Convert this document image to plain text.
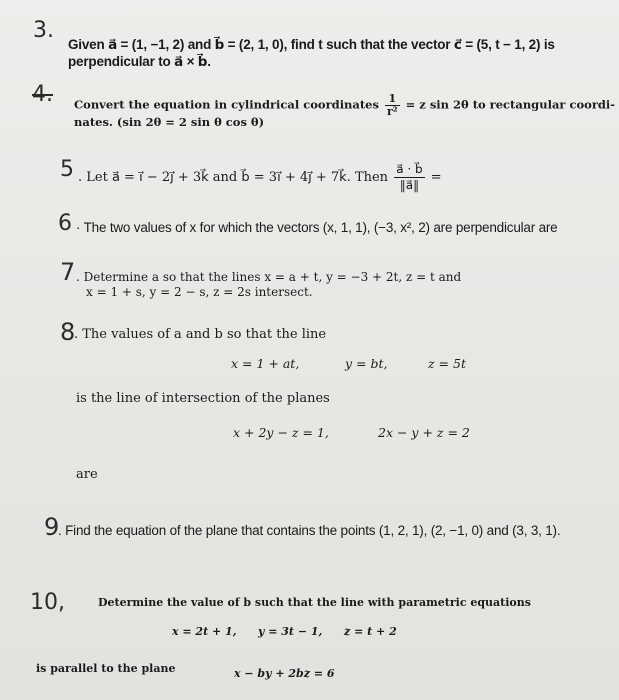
3.
Given a⃗ = (1, −1, 2) and b⃗ = (2, 1, 0), find t such that the vector c⃗ = (5, t − 1, 2) is
perpendicular to a⃗ × b⃗.
4. Convert the equation in cylindrical coordinates $\frac{1}{\text{r²}} = z$ sin 2θ to rectangular coordi-
nates. (sin 2θ = 2 sin θ cos θ)
5 . Let a⃗ = i⃗ − 2j⃗ + 3k⃗ and b⃗ = 3i⃗ + 4j⃗ + 7k⃗. Then $\frac{a⃗ \cdot b⃗}{‖a⃗‖}$ =
6 · The two values of x for which the vectors (x, 1, 1), (−3, x², 2) are perpendicular are
7 . Determine a so that the lines x = a + t, y = −3 + 2t, z = t and
x = 1 + s, y = 2 − s, z = 2s intersect.
8
. The values of a and b so that the line
x = 1 + at,	y = bt,	z = 5t
is the line of intersection of the planes
x + 2y − z = 1,	2x − y + z = 2
are
9
. Find the equation of the plane that contains the points (1, 2, 1), (2, −1, 0) and (3, 3, 1).
10,	Determine the value of b such that the line with parametric equations
x = 2t + 1, y = 3t − 1, z = t + 2
is parallel to the plane	x − by + 2bz = 6
